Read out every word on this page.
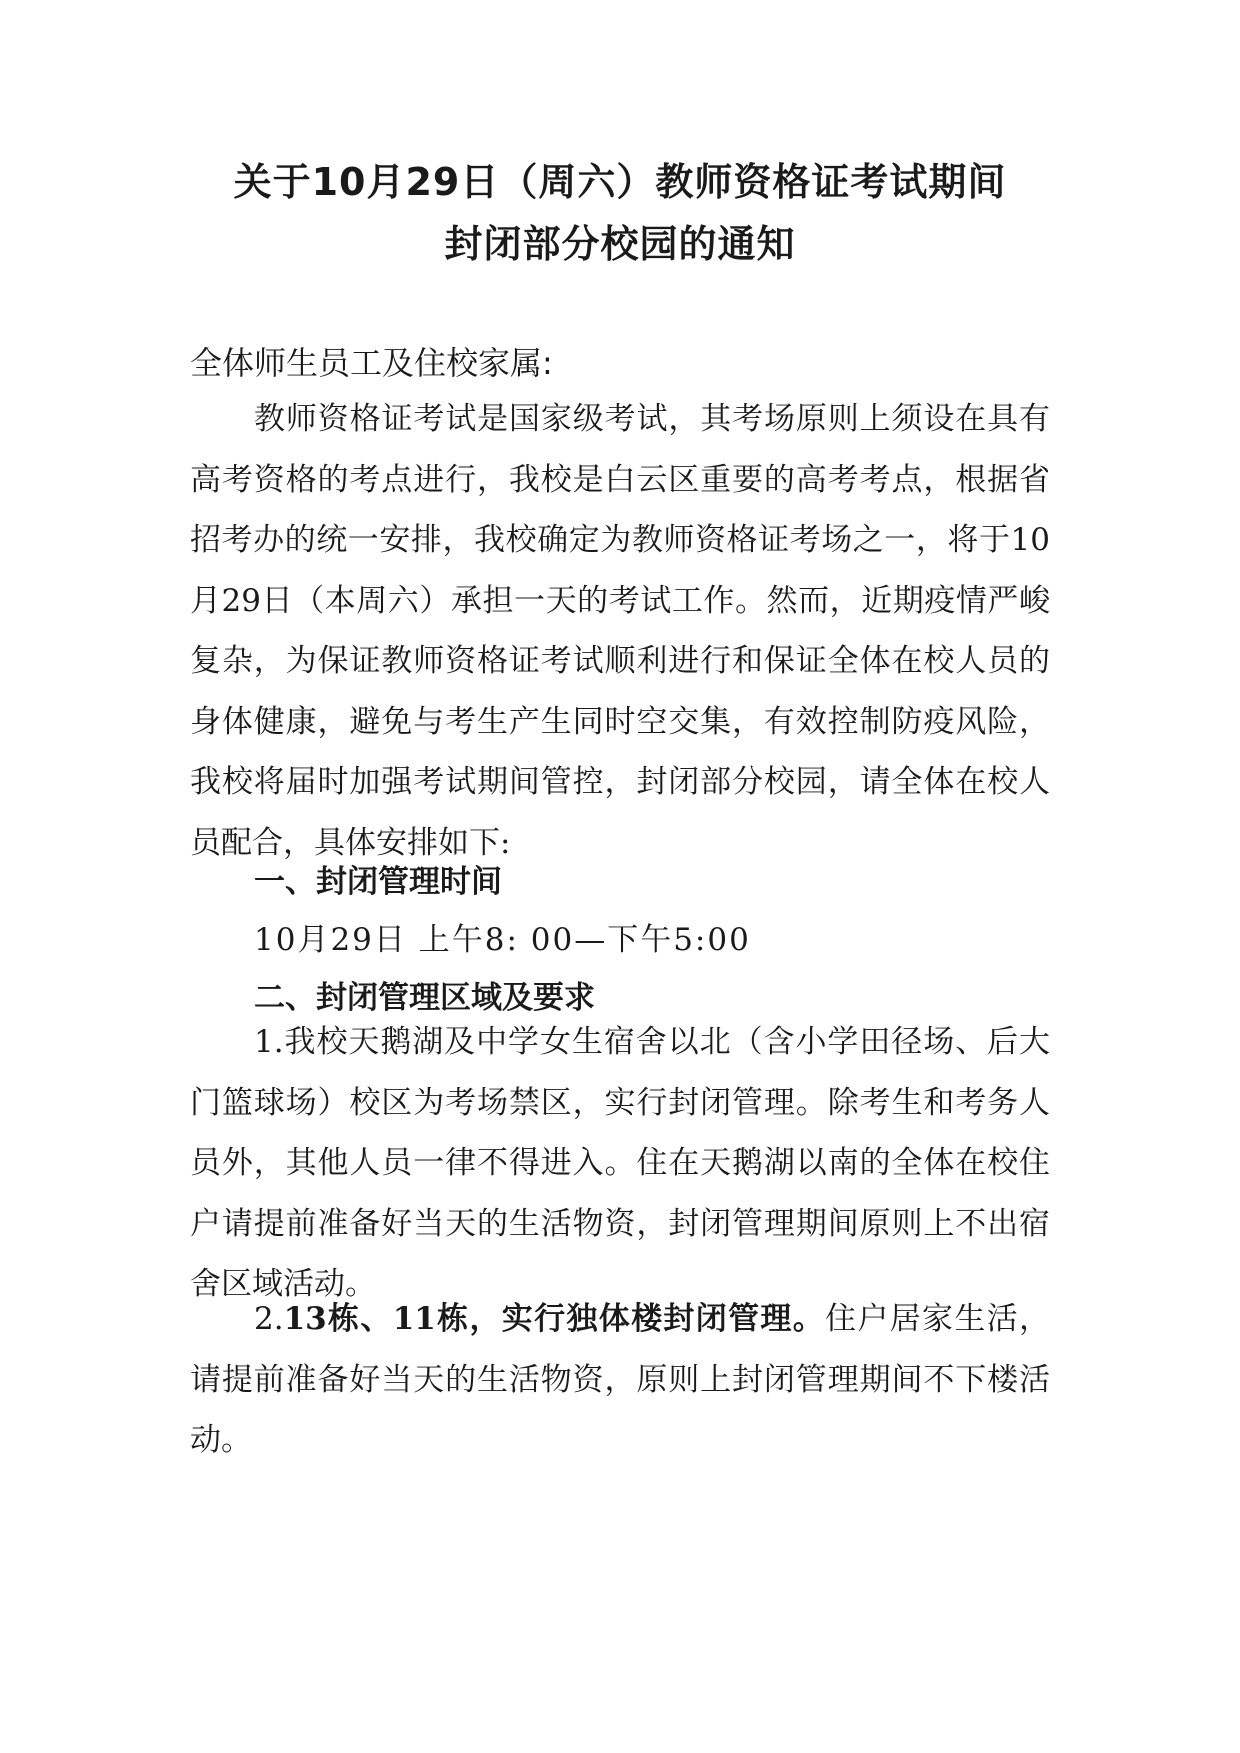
关于10月29日（周六）教师资格证考试期间
封闭部分校园的通知
全体师生员工及住校家属:

教师资格证考试是国家级考试，其考场原则上须设在具有高考资格的考点进行，我校是白云区重要的高考考点，根据省招考办的统一安排，我校确定为教师资格证考场之一，将于10月29日（本周六）承担一天的考试工作。然而，近期疫情严峻复杂，为保证教师资格证考试顺利进行和保证全体在校人员的身体健康，避免与考生产生同时空交集，有效控制防疫风险，我校将届时加强考试期间管控，封闭部分校园，请全体在校人员配合，具体安排如下:

一、封闭管理时间
10月29日 上午8: 00—下午5:00
二、封闭管理区域及要求

1.我校天鹅湖及中学女生宿舍以北（含小学田径场、后大门篮球场）校区为考场禁区，实行封闭管理。除考生和考务人员外，其他人员一律不得进入。住在天鹅湖以南的全体在校住户请提前准备好当天的生活物资，封闭管理期间原则上不出宿舍区域活动。

2.13栋、11栋，实行独体楼封闭管理。住户居家生活，请提前准备好当天的生活物资，原则上封闭管理期间不下楼活动。
